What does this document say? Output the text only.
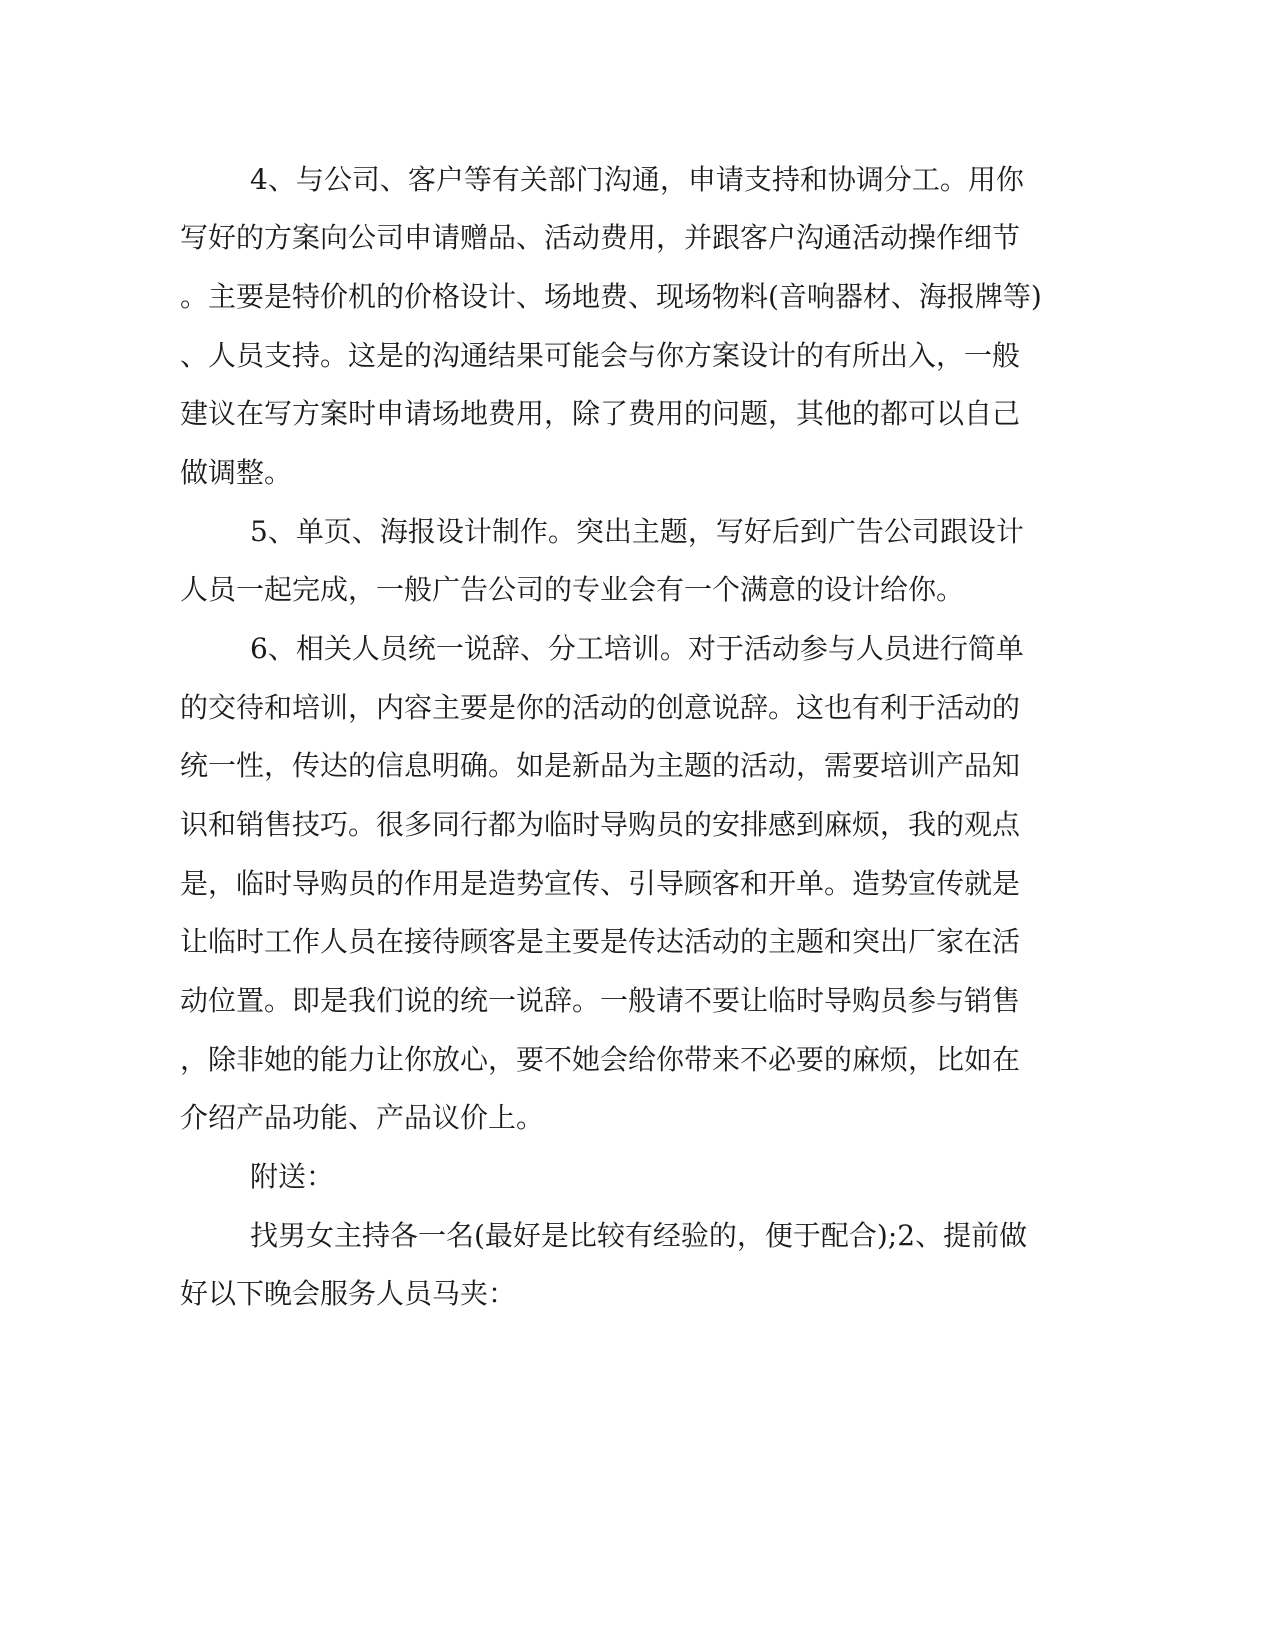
4、与公司、客户等有关部门沟通，申请支持和协调分工。用你
写好的方案向公司申请赠品、活动费用，并跟客户沟通活动操作细节
。主要是特价机的价格设计、场地费、现场物料(音响器材、海报牌等)
、人员支持。这是的沟通结果可能会与你方案设计的有所出入，一般
建议在写方案时申请场地费用，除了费用的问题，其他的都可以自己
做调整。
5、单页、海报设计制作。突出主题，写好后到广告公司跟设计
人员一起完成，一般广告公司的专业会有一个满意的设计给你。
6、相关人员统一说辞、分工培训。对于活动参与人员进行简单
的交待和培训，内容主要是你的活动的创意说辞。这也有利于活动的
统一性，传达的信息明确。如是新品为主题的活动，需要培训产品知
识和销售技巧。很多同行都为临时导购员的安排感到麻烦，我的观点
是，临时导购员的作用是造势宣传、引导顾客和开单。造势宣传就是
让临时工作人员在接待顾客是主要是传达活动的主题和突出厂家在活
动位置。即是我们说的统一说辞。一般请不要让临时导购员参与销售
，除非她的能力让你放心，要不她会给你带来不必要的麻烦，比如在
介绍产品功能、产品议价上。
附送：
找男女主持各一名(最好是比较有经验的，便于配合);2、提前做
好以下晚会服务人员马夹：
